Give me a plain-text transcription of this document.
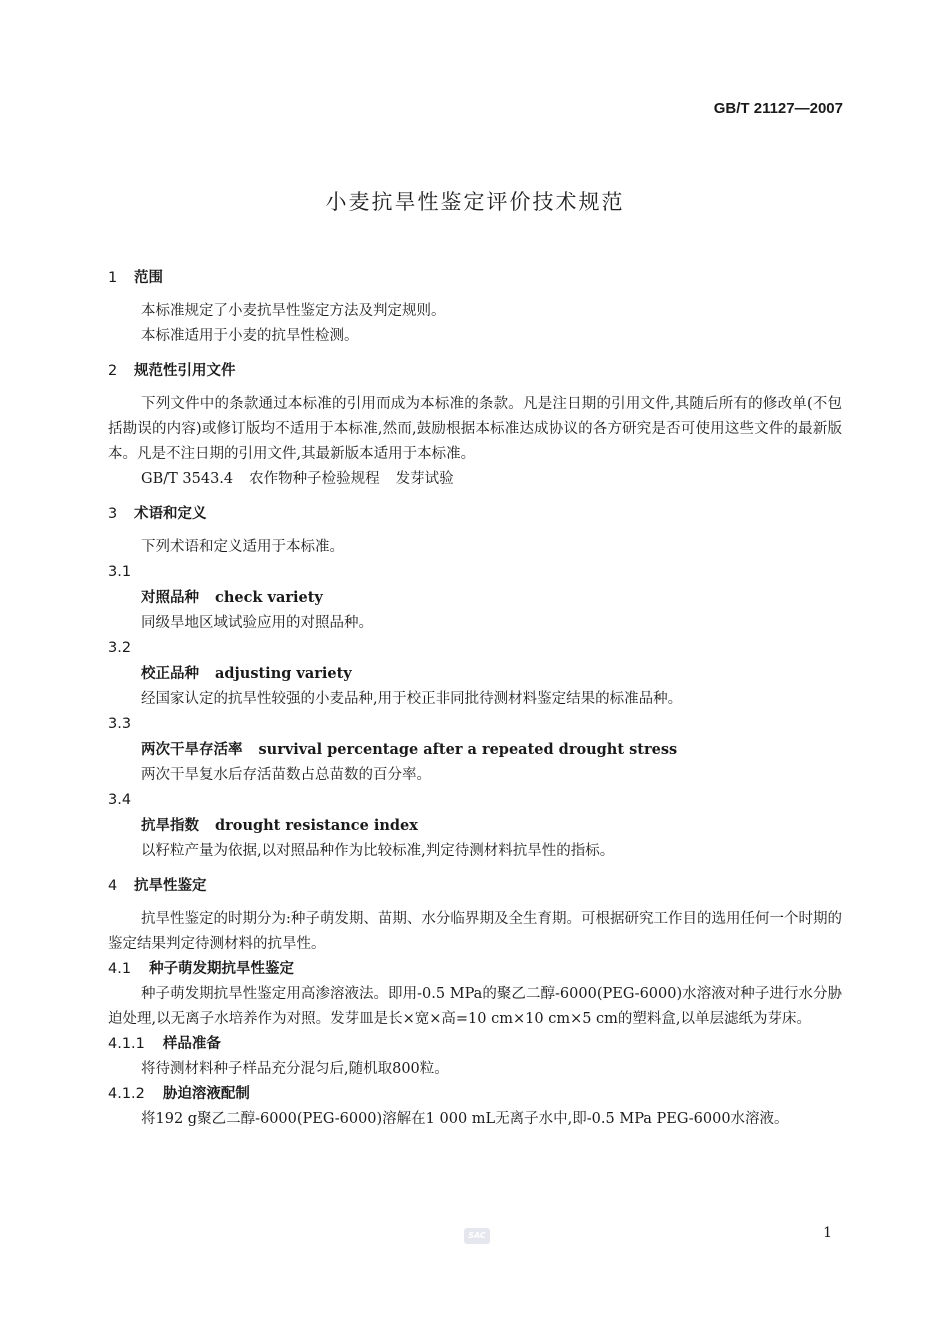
GB/T 21127—2007
小麦抗旱性鉴定评价技术规范
1 范围

本标准规定了小麦抗旱性鉴定方法及判定规则。

本标准适用于小麦的抗旱性检测。

2 规范性引用文件

下列文件中的条款通过本标准的引用而成为本标准的条款。凡是注日期的引用文件,其随后所有的修改单(不包括勘误的内容)或修订版均不适用于本标准,然而,鼓励根据本标准达成协议的各方研究是否可使用这些文件的最新版本。凡是不注日期的引用文件,其最新版本适用于本标准。

GB/T 3543.4 农作物种子检验规程 发芽试验
3 术语和定义

下列术语和定义适用于本标准。

3.1
对照品种 check variety
同级旱地区域试验应用的对照品种。
3.2
校正品种 adjusting variety
经国家认定的抗旱性较强的小麦品种,用于校正非同批待测材料鉴定结果的标准品种。
3.3
两次干旱存活率 survival percentage after a repeated drought stress
两次干旱复水后存活苗数占总苗数的百分率。
3.4
抗旱指数 drought resistance index
以籽粒产量为依据,以对照品种作为比较标准,判定待测材料抗旱性的指标。
4 抗旱性鉴定

抗旱性鉴定的时期分为:种子萌发期、苗期、水分临界期及全生育期。可根据研究工作目的选用任何一个时期的鉴定结果判定待测材料的抗旱性。

4.1 种子萌发期抗旱性鉴定

种子萌发期抗旱性鉴定用高渗溶液法。即用-0.5 MPa的聚乙二醇-6000(PEG-6000)水溶液对种子进行水分胁迫处理,以无离子水培养作为对照。发芽皿是长×宽×高=10 cm×10 cm×5 cm的塑料盒,以单层滤纸为芽床。

4.1.1 样品准备

将待测材料种子样品充分混匀后,随机取800粒。

4.1.2 胁迫溶液配制

将192 g聚乙二醇-6000(PEG-6000)溶解在1 000 mL无离子水中,即-0.5 MPa PEG-6000水溶液。

SAC	1
